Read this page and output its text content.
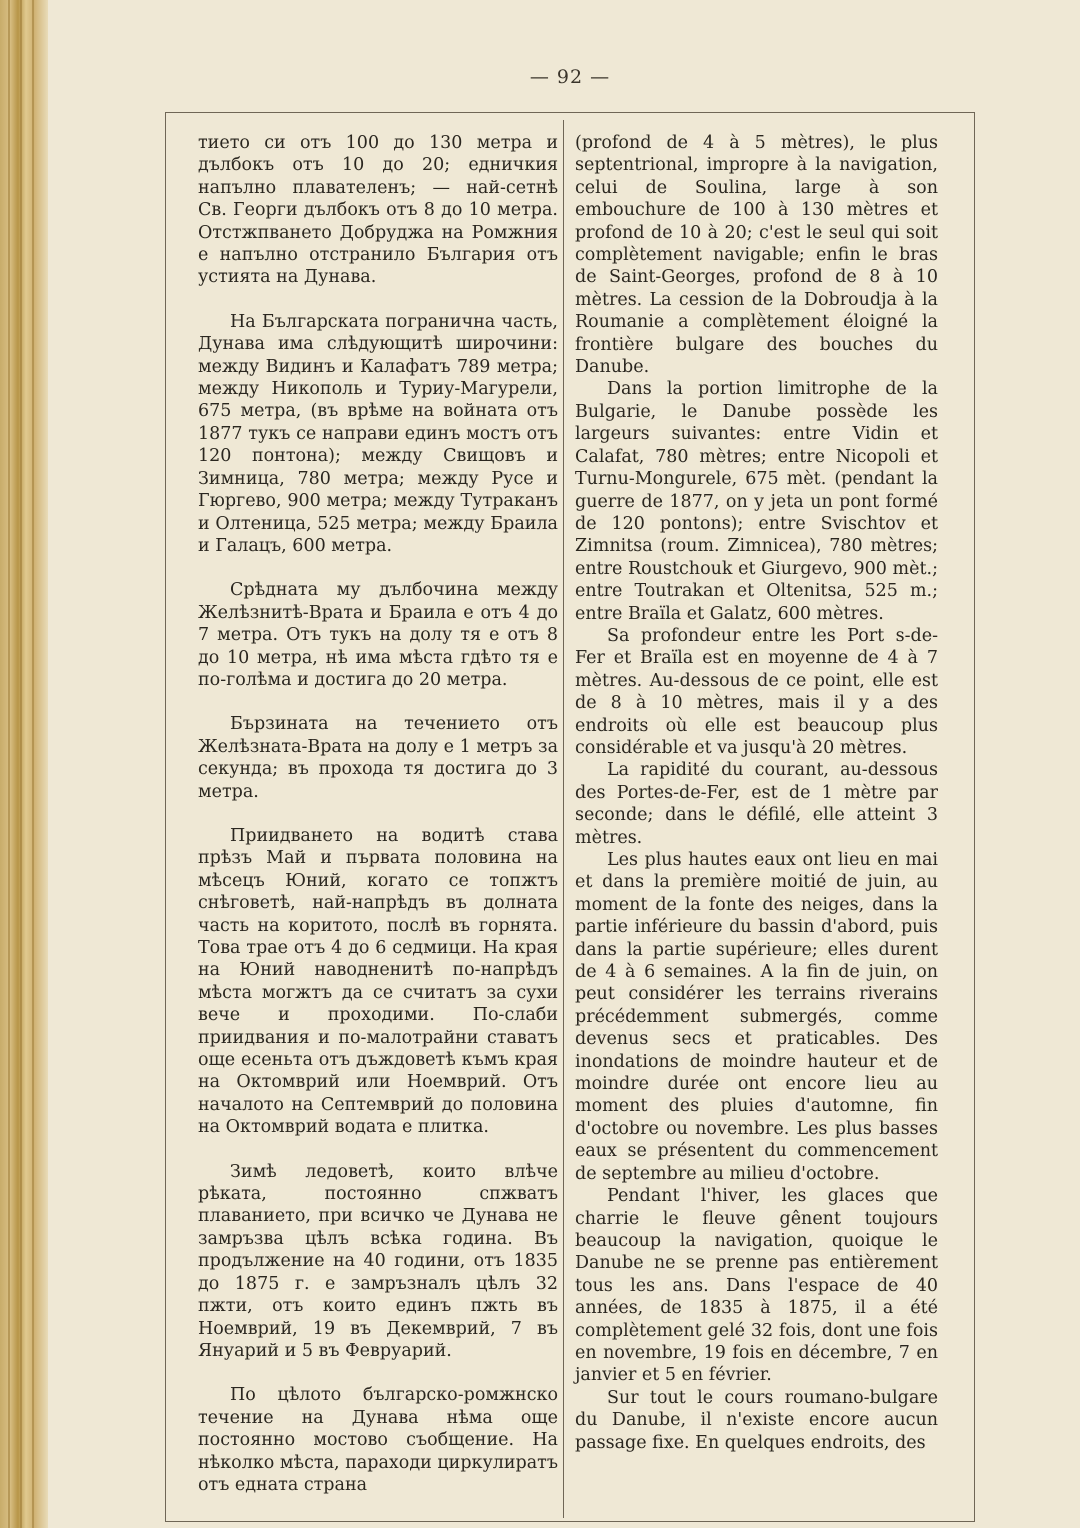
— 92 —

тието си отъ 100 до 130 метра и дълбокъ отъ 10 до 20; едничкия напълно плавателенъ; — най-сетнѣ Св. Георги дълбокъ отъ 8 до 10 метра. Отстжпването Добруджа на Ромжния е напълно отстранило България отъ устията на Дунава.

На Българската погранична часть, Дунава има слѣдующитѣ широчини: между Видинъ и Калафатъ 789 метра; между Никополь и Туриу-Магурели, 675 метра, (въ врѣме на войната отъ 1877 тукъ се направи единъ мостъ отъ 120 понтона); между Свищовъ и Зимница, 780 метра; между Русе и Гюргево, 900 метра; между Тутраканъ и Олтеница, 525 метра; между Браила и Галацъ, 600 метра.

Срѣдната му дълбочина между Желѣзнитѣ-Врата и Браила е отъ 4 до 7 метра. Отъ тукъ на долу тя е отъ 8 до 10 метра, нѣ има мѣста гдѣто тя е по-голѣма и достига до 20 метра.

Бързината на течението отъ Желѣзната-Врата на долу е 1 метръ за секунда; въ прохода тя достига до 3 метра.

Приидването на водитѣ става прѣзъ Май и първата половина на мѣсецъ Юний, когато се топжтъ снѣговетѣ, най-напрѣдъ въ долната часть на коритото, послѣ въ горнята. Това трае отъ 4 до 6 седмици. На края на Юний наводненитѣ по-напрѣдъ мѣста могжтъ да се считатъ за сухи вече и проходими. По-слаби приидвания и по-малотрайни ставатъ още есеньта отъ дъждоветѣ къмъ края на Октомврий или Ноемврий. Отъ началото на Септемврий до половина на Октомврий водата е плитка.

Зимѣ ледоветѣ, които влѣче рѣката, постоянно спжватъ плаванието, при всичко че Дунава не замръзва цѣлъ всѣка година. Въ продължение на 40 години, отъ 1835 до 1875 г. е замръзналъ цѣлъ 32 пжти, отъ които единъ пжть въ Ноемврий, 19 въ Декемврий, 7 въ Януарий и 5 въ Февруарий.

По цѣлото българско-ромжнско течение на Дунава нѣма още постоянно мостово съобщение. На нѣколко мѣста, параходи циркулиратъ отъ едната страна

(profond de 4 à 5 mètres), le plus septentrional, impropre à la navigation, celui de Soulina, large à son embouchure de 100 à 130 mètres et profond de 10 à 20; c'est le seul qui soit complètement navigable; enfin le bras de Saint-Georges, profond de 8 à 10 mètres. La cession de la Dobroudja à la Roumanie a complètement éloigné la frontière bulgare des bouches du Danube.

Dans la portion limitrophe de la Bulgarie, le Danube possède les largeurs suivantes: entre Vidin et Calafat, 780 mètres; entre Nicopoli et Turnu-Mongurele, 675 mèt. (pendant la guerre de 1877, on y jeta un pont formé de 120 pontons); entre Svischtov et Zimnitsa (roum. Zimnicea), 780 mètres; entre Roustchouk et Giurgevo, 900 mèt.; entre Toutrakan et Oltenitsa, 525 m.; entre Braïla et Galatz, 600 mètres.

Sa profondeur entre les Port s-de-Fer et Braïla est en moyenne de 4 à 7 mètres. Au-dessous de ce point, elle est de 8 à 10 mètres, mais il y a des endroits où elle est beaucoup plus considérable et va jusqu'à 20 mètres.

La rapidité du courant, au-dessous des Portes-de-Fer, est de 1 mètre par seconde; dans le défilé, elle atteint 3 mètres.

Les plus hautes eaux ont lieu en mai et dans la première moitié de juin, au moment de la fonte des neiges, dans la partie inférieure du bassin d'abord, puis dans la partie supérieure; elles durent de 4 à 6 semaines. A la fin de juin, on peut considérer les terrains riverains précédemment submergés, comme devenus secs et praticables. Des inondations de moindre hauteur et de moindre durée ont encore lieu au moment des pluies d'automne, fin d'octobre ou novembre. Les plus basses eaux se présentent du commencement de septembre au milieu d'octobre.

Pendant l'hiver, les glaces que charrie le fleuve gênent toujours beaucoup la navigation, quoique le Danube ne se prenne pas entièrement tous les ans. Dans l'espace de 40 années, de 1835 à 1875, il a été complètement gelé 32 fois, dont une fois en novembre, 19 fois en décembre, 7 en janvier et 5 en février.

Sur tout le cours roumano-bulgare du Danube, il n'existe encore aucun passage fixe. En quelques endroits, des
